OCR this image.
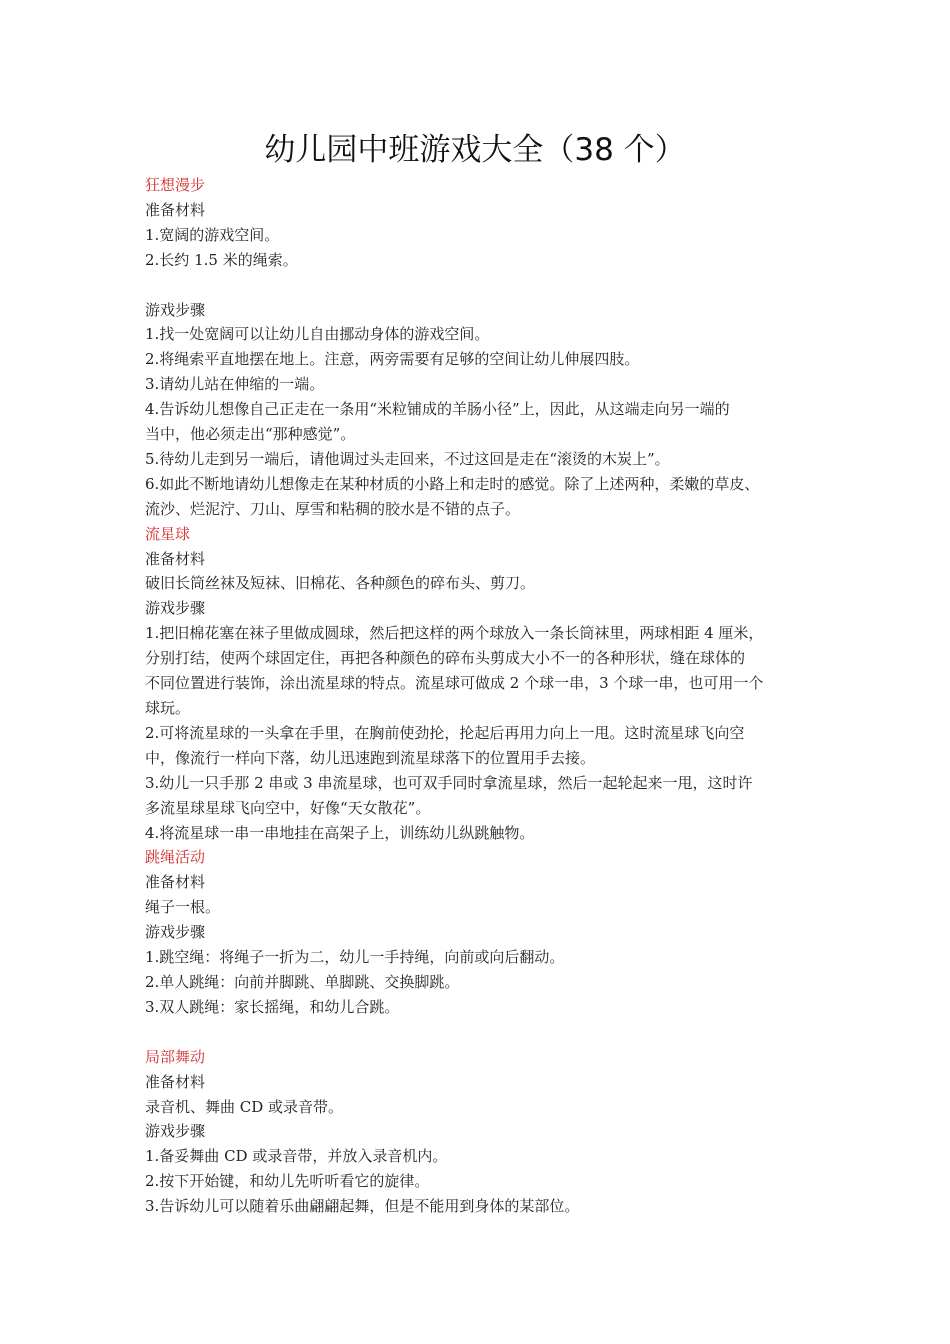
幼儿园中班游戏大全（38 个）

狂想漫步

准备材料

1.宽阔的游戏空间。

2.长约 1.5 米的绳索。

游戏步骤

1.找一处宽阔可以让幼儿自由挪动身体的游戏空间。

2.将绳索平直地摆在地上。注意，两旁需要有足够的空间让幼儿伸展四肢。

3.请幼儿站在伸缩的一端。

4.告诉幼儿想像自己正走在一条用“米粒铺成的羊肠小径”上，因此，从这端走向另一端的

当中，他必须走出“那种感觉”。

5.待幼儿走到另一端后，请他调过头走回来，不过这回是走在“滚烫的木炭上”。

6.如此不断地请幼儿想像走在某种材质的小路上和走时的感觉。除了上述两种，柔嫩的草皮、

流沙、烂泥泞、刀山、厚雪和粘稠的胶水是不错的点子。

流星球

准备材料

破旧长筒丝袜及短袜、旧棉花、各种颜色的碎布头、剪刀。

游戏步骤

1.把旧棉花塞在袜子里做成圆球，然后把这样的两个球放入一条长筒袜里，两球相距 4 厘米，

分别打结，使两个球固定住，再把各种颜色的碎布头剪成大小不一的各种形状，缝在球体的

不同位置进行装饰，涂出流星球的特点。流星球可做成 2 个球一串，3 个球一串，也可用一个

球玩。

2.可将流星球的一头拿在手里，在胸前使劲抡，抡起后再用力向上一甩。这时流星球飞向空

中，像流行一样向下落，幼儿迅速跑到流星球落下的位置用手去接。

3.幼儿一只手那 2 串或 3 串流星球，也可双手同时拿流星球，然后一起轮起来一甩，这时许

多流星球星球飞向空中，好像“天女散花”。

4.将流星球一串一串地挂在高架子上，训练幼儿纵跳触物。

跳绳活动

准备材料

绳子一根。

游戏步骤

1.跳空绳：将绳子一折为二，幼儿一手持绳，向前或向后翻动。

2.单人跳绳：向前并脚跳、单脚跳、交换脚跳。

3.双人跳绳：家长摇绳，和幼儿合跳。

局部舞动

准备材料

录音机、舞曲 CD 或录音带。

游戏步骤

1.备妥舞曲 CD 或录音带，并放入录音机内。

2.按下开始键，和幼儿先听听看它的旋律。

3.告诉幼儿可以随着乐曲翩翩起舞，但是不能用到身体的某部位。
